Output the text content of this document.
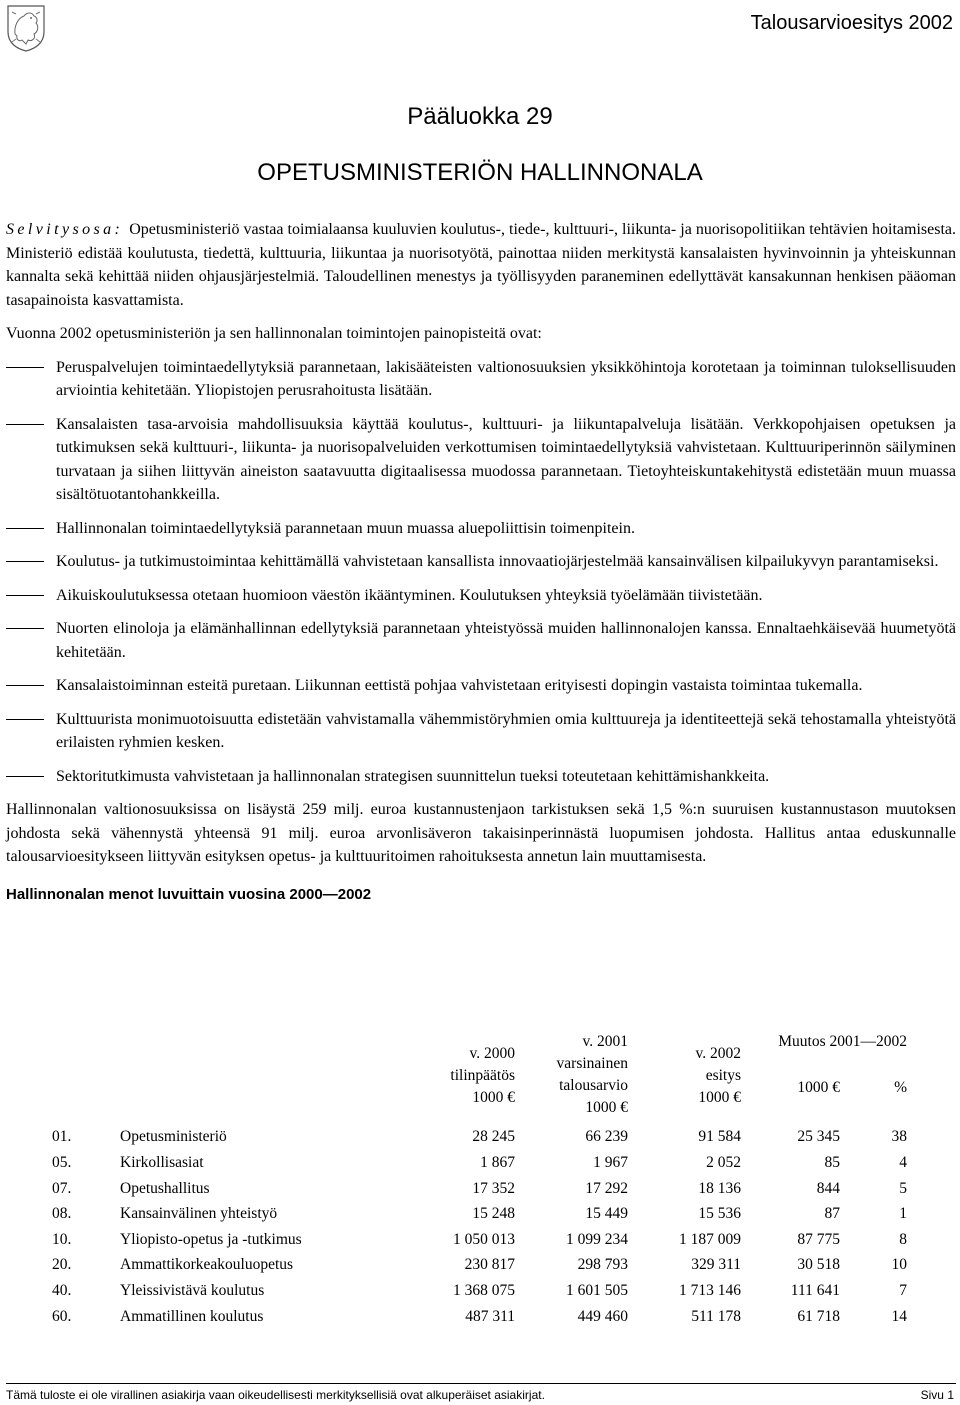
Talousarvioesitys 2002
Pääluokka 29
OPETUSMINISTERIÖN HALLINNONALA

Selvitysosa: Opetusministeriö vastaa toimialaansa kuuluvien koulutus-, tiede-, kulttuuri-, liikunta- ja nuorisopolitiikan tehtävien hoitamisesta. Ministeriö edistää koulutusta, tiedettä, kulttuuria, liikuntaa ja nuorisotyötä, painottaa niiden merkitystä kansalaisten hyvinvoinnin ja yhteiskunnan kannalta sekä kehittää niiden ohjausjärjestelmiä. Taloudellinen menestys ja työllisyyden paraneminen edellyttävät kansakunnan henkisen pääoman tasapainoista kasvattamista.

Vuonna 2002 opetusministeriön ja sen hallinnonalan toimintojen painopisteitä ovat:

Peruspalvelujen toimintaedellytyksiä parannetaan, lakisääteisten valtionosuuksien yksikköhintoja korotetaan ja toiminnan tuloksellisuuden arviointia kehitetään. Yliopistojen perusrahoitusta lisätään.
Kansalaisten tasa-arvoisia mahdollisuuksia käyttää koulutus-, kulttuuri- ja liikuntapalveluja lisätään. Verkkopohjaisen opetuksen ja tutkimuksen sekä kulttuuri-, liikunta- ja nuorisopalveluiden verkottumisen toimintaedellytyksiä vahvistetaan. Kulttuuriperinnön säilyminen turvataan ja siihen liittyvän aineiston saatavuutta digitaalisessa muodossa parannetaan. Tietoyhteiskuntakehitystä edistetään muun muassa sisältötuotantohankkeilla.
Hallinnonalan toimintaedellytyksiä parannetaan muun muassa aluepoliittisin toimenpitein.
Koulutus- ja tutkimustoimintaa kehittämällä vahvistetaan kansallista innovaatiojärjestelmää kansainvälisen kilpailukyvyn parantamiseksi.
Aikuiskoulutuksessa otetaan huomioon väestön ikääntyminen. Koulutuksen yhteyksiä työelämään tiivistetään.
Nuorten elinoloja ja elämänhallinnan edellytyksiä parannetaan yhteistyössä muiden hallinnonalojen kanssa. Ennaltaehkäisevää huumetyötä kehitetään.
Kansalaistoiminnan esteitä puretaan. Liikunnan eettistä pohjaa vahvistetaan erityisesti dopingin vastaista toimintaa tukemalla.
Kulttuurista monimuotoisuutta edistetään vahvistamalla vähemmistöryhmien omia kulttuureja ja identiteettejä sekä tehostamalla yhteistyötä erilaisten ryhmien kesken.
Sektoritutkimusta vahvistetaan ja hallinnonalan strategisen suunnittelun tueksi toteutetaan kehittämishankkeita.

Hallinnonalan valtionosuuksissa on lisäystä 259 milj. euroa kustannustenjaon tarkistuksen sekä 1,5 %:n suuruisen kustannustason muutoksen johdosta sekä vähennystä yhteensä 91 milj. euroa arvonlisäveron takaisinperinnästä luopumisen johdosta. Hallitus antaa eduskunnalle talousarvioesitykseen liittyvän esityksen opetus- ja kulttuuritoimen rahoituksesta annetun lain muuttamisesta.

Hallinnonalan menot luvuittain vuosina 2000—2002
v. 2000
tilinpäätös
1000 €
v. 2001
varsinainen
talousarvio
1000 €
v. 2002
esitys
1000 €
Muutos 2001—2002
1000 €	%
01.	Opetusministeriö	28 245	66 239	91 584	25 345	38
05.	Kirkollisasiat	1 867	1 967	2 052	85	4
07.	Opetushallitus	17 352	17 292	18 136	844	5
08.	Kansainvälinen yhteistyö	15 248	15 449	15 536	87	1
10.	Yliopisto-opetus ja -tutkimus	1 050 013	1 099 234	1 187 009	87 775	8
20.	Ammattikorkeakouluopetus	230 817	298 793	329 311	30 518	10
40.	Yleissivistävä koulutus	1 368 075	1 601 505	1 713 146	111 641	7
60.	Ammatillinen koulutus	487 311	449 460	511 178	61 718	14
Tämä tuloste ei ole virallinen asiakirja vaan oikeudellisesti merkityksellisiä ovat alkuperäiset asiakirjat.	Sivu 1
